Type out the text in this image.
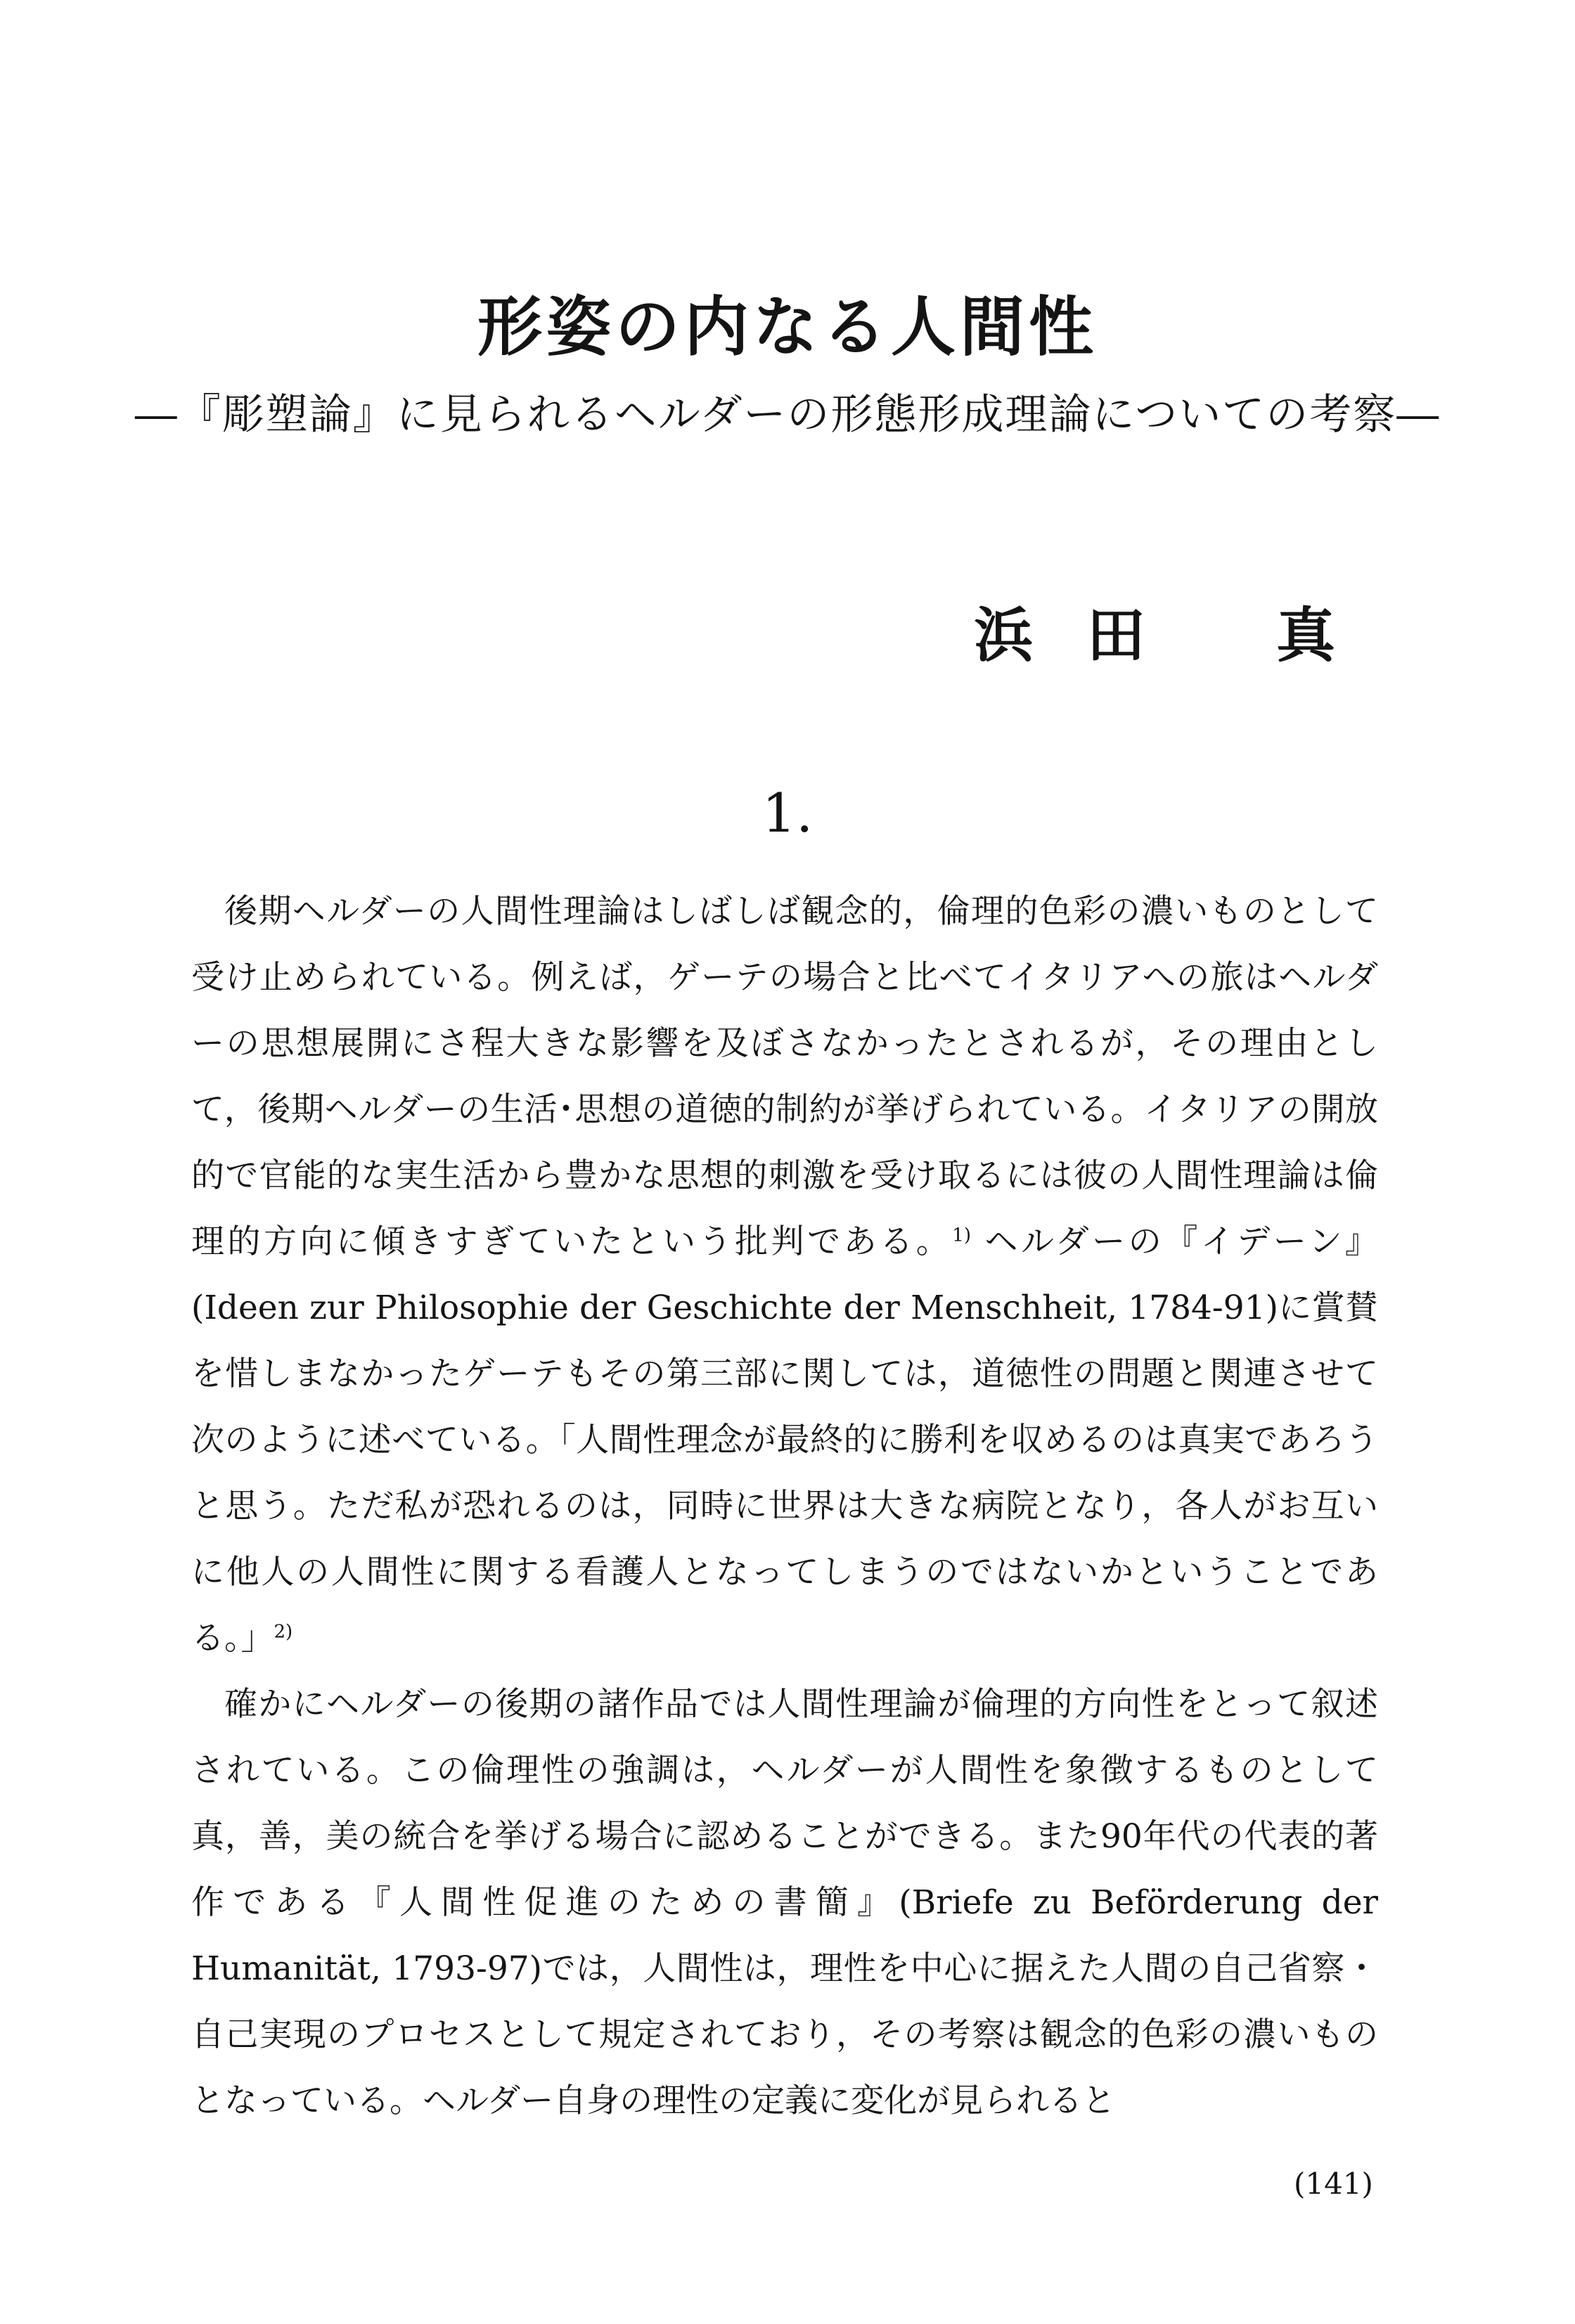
形姿の内なる人間性
―『彫塑論』に見られるヘルダーの形態形成理論についての考察―
浜 田 真
1.

後期ヘルダーの人間性理論はしばしば観念的，倫理的色彩の濃いものとして受け止められている。例えば，ゲーテの場合と比べてイタリアへの旅はヘルダーの思想展開にさ程大きな影響を及ぼさなかったとされるが，その理由として，後期ヘルダーの生活･思想の道徳的制約が挙げられている。イタリアの開放的で官能的な実生活から豊かな思想的刺激を受け取るには彼の人間性理論は倫理的方向に傾きすぎていたという批判である。$^{1)}$ ヘルダーの『イデーン』(Ideen zur Philosophie der Geschichte der Menschheit, 1784-91)に賞賛を惜しまなかったゲーテもその第三部に関しては，道徳性の問題と関連させて次のように述べている。「人間性理念が最終的に勝利を収めるのは真実であろうと思う。ただ私が恐れるのは，同時に世界は大きな病院となり，各人がお互いに他人の人間性に関する看護人となってしまうのではないかということである。」$^{2)}$

確かにヘルダーの後期の諸作品では人間性理論が倫理的方向性をとって叙述されている。この倫理性の強調は，ヘルダーが人間性を象徴するものとして真，善，美の統合を挙げる場合に認めることができる。また90年代の代表的著作である『人間性促進のための書簡』(Briefe zu Beförderung der Humanität, 1793-97)では，人間性は，理性を中心に据えた人間の自己省察・自己実現のプロセスとして規定されており，その考察は観念的色彩の濃いものとなっている。ヘルダー自身の理性の定義に変化が見られると

(141)
